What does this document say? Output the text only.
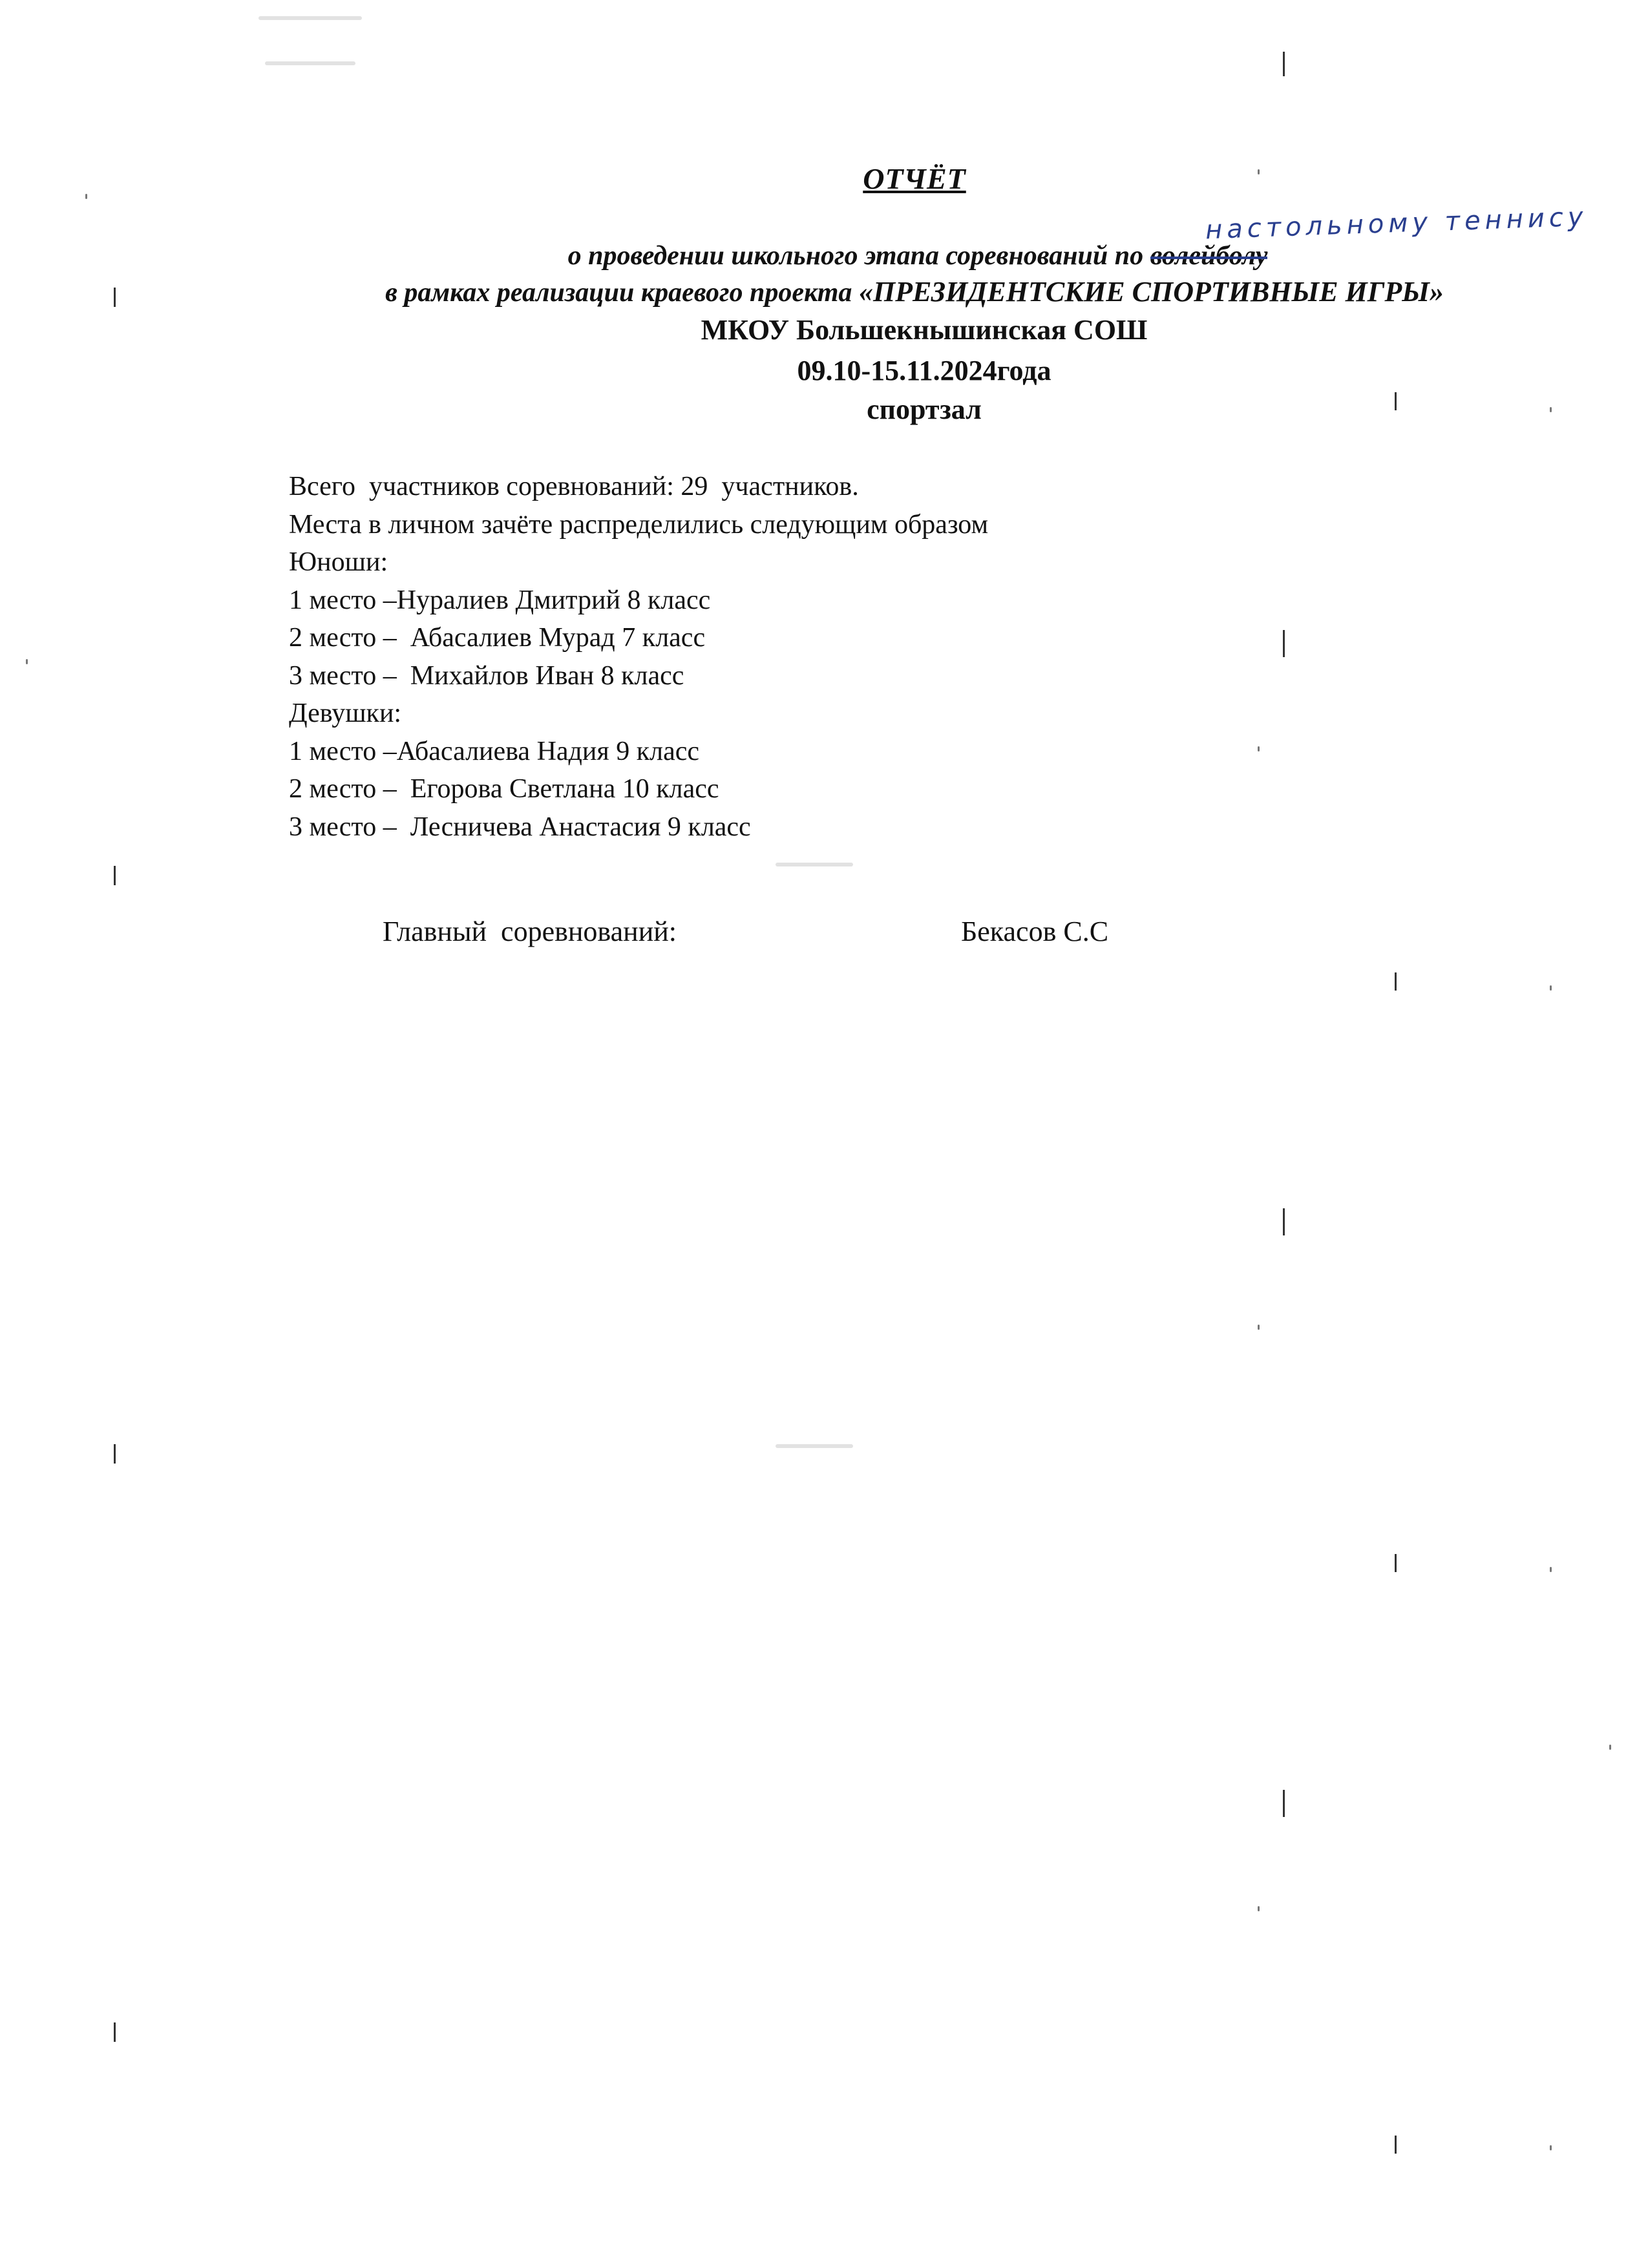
ОТЧЁТ
настольному теннису
о проведении школьного этапа соревнований по волейболу
в рамках реализации краевого проекта «ПРЕЗИДЕНТСКИЕ СПОРТИВНЫЕ ИГРЫ»
МКОУ Большекнышинская СОШ
09.10-15.11.2024года
спортзал
Всего  участников соревнований: 29  участников.
Места в личном зачёте распределились следующим образом
Юноши:
1 место –Нуралиев Дмитрий 8 класс
2 место –  Абасалиев Мурад 7 класс
3 место –  Михайлов Иван 8 класс
Девушки:
1 место –Абасалиева Надия 9 класс
2 место –  Егорова Светлана 10 класс
3 место –  Лесничева Анастасия 9 класс
Главный  соревнований:	Бекасов С.С
